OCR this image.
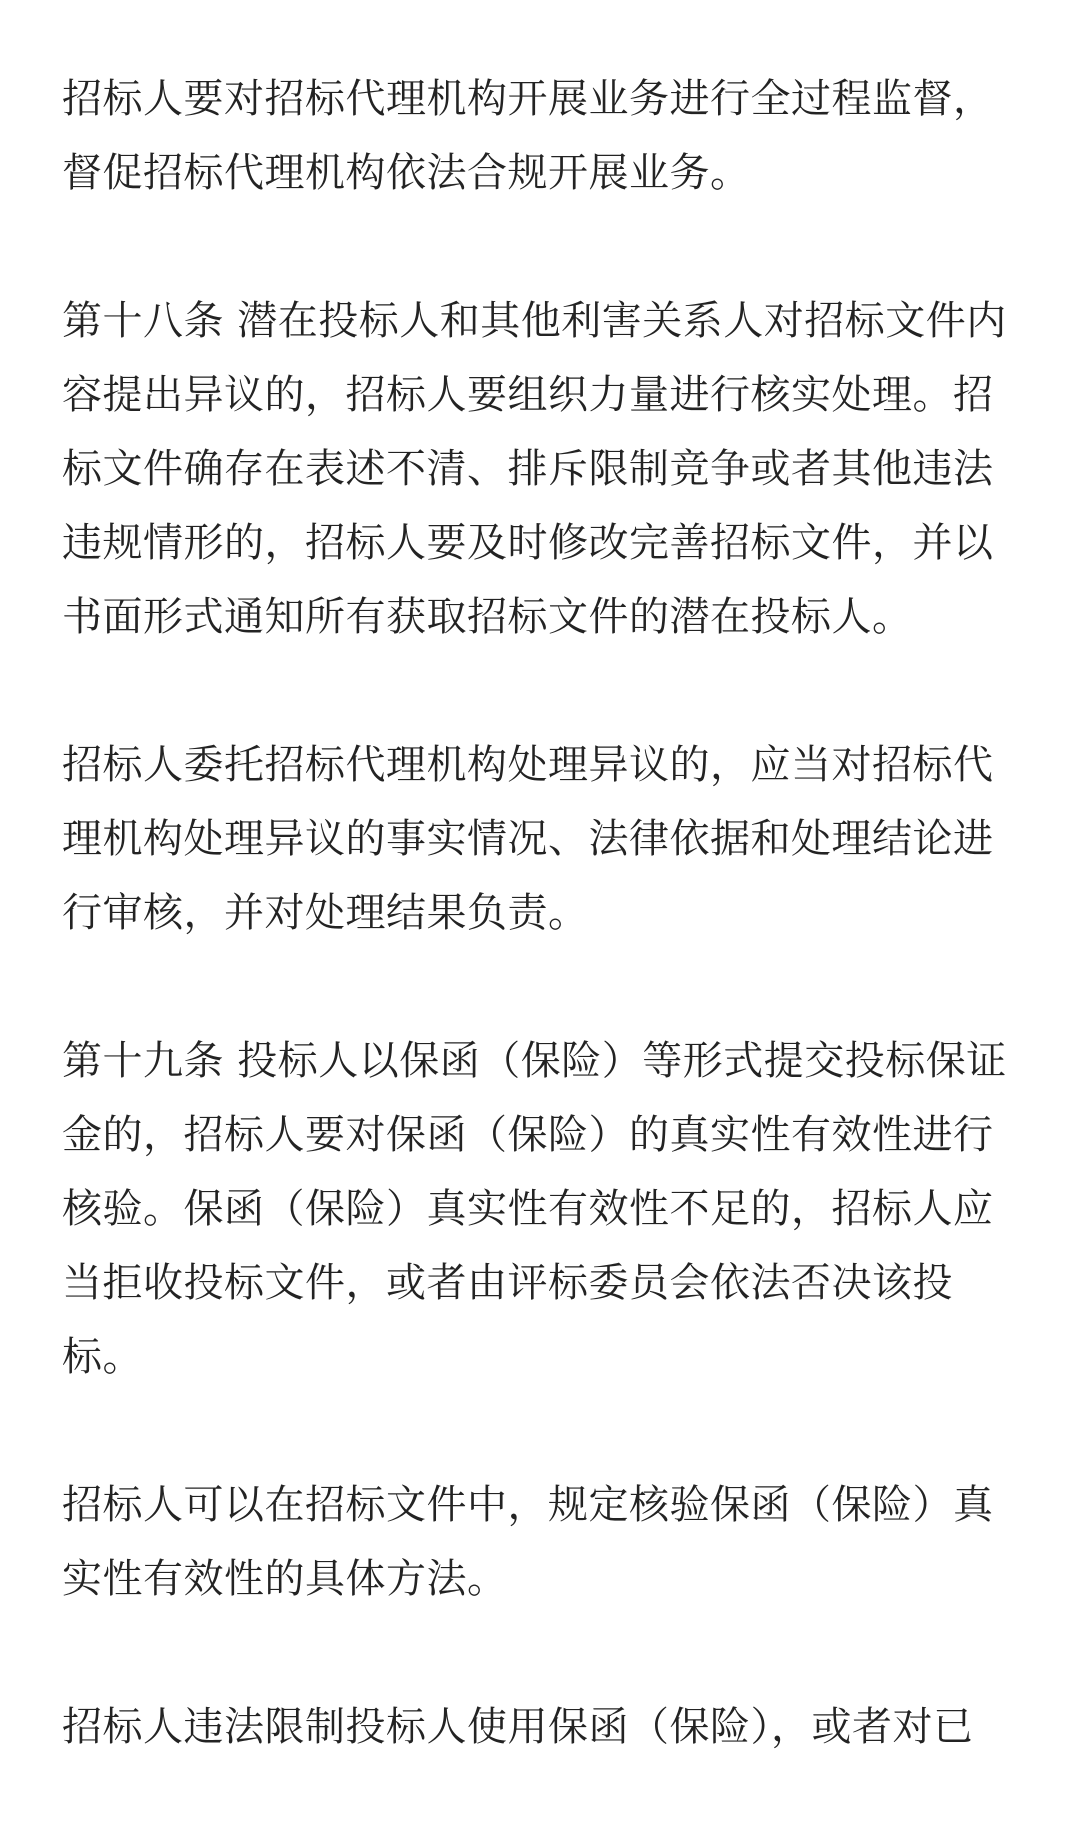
招标人要对招标代理机构开展业务进行全过程监督，
督促招标代理机构依法合规开展业务。

第十八条 潜在投标人和其他利害关系人对招标文件内
容提出异议的，招标人要组织力量进行核实处理。招
标文件确存在表述不清、排斥限制竞争或者其他违法
违规情形的，招标人要及时修改完善招标文件，并以
书面形式通知所有获取招标文件的潜在投标人。

招标人委托招标代理机构处理异议的，应当对招标代
理机构处理异议的事实情况、法律依据和处理结论进
行审核，并对处理结果负责。

第十九条 投标人以保函（保险）等形式提交投标保证
金的，招标人要对保函（保险）的真实性有效性进行
核验。保函（保险）真实性有效性不足的，招标人应
当拒收投标文件，或者由评标委员会依法否决该投
标。

招标人可以在招标文件中，规定核验保函（保险）真
实性有效性的具体方法。

招标人违法限制投标人使用保函（保险），或者对已
